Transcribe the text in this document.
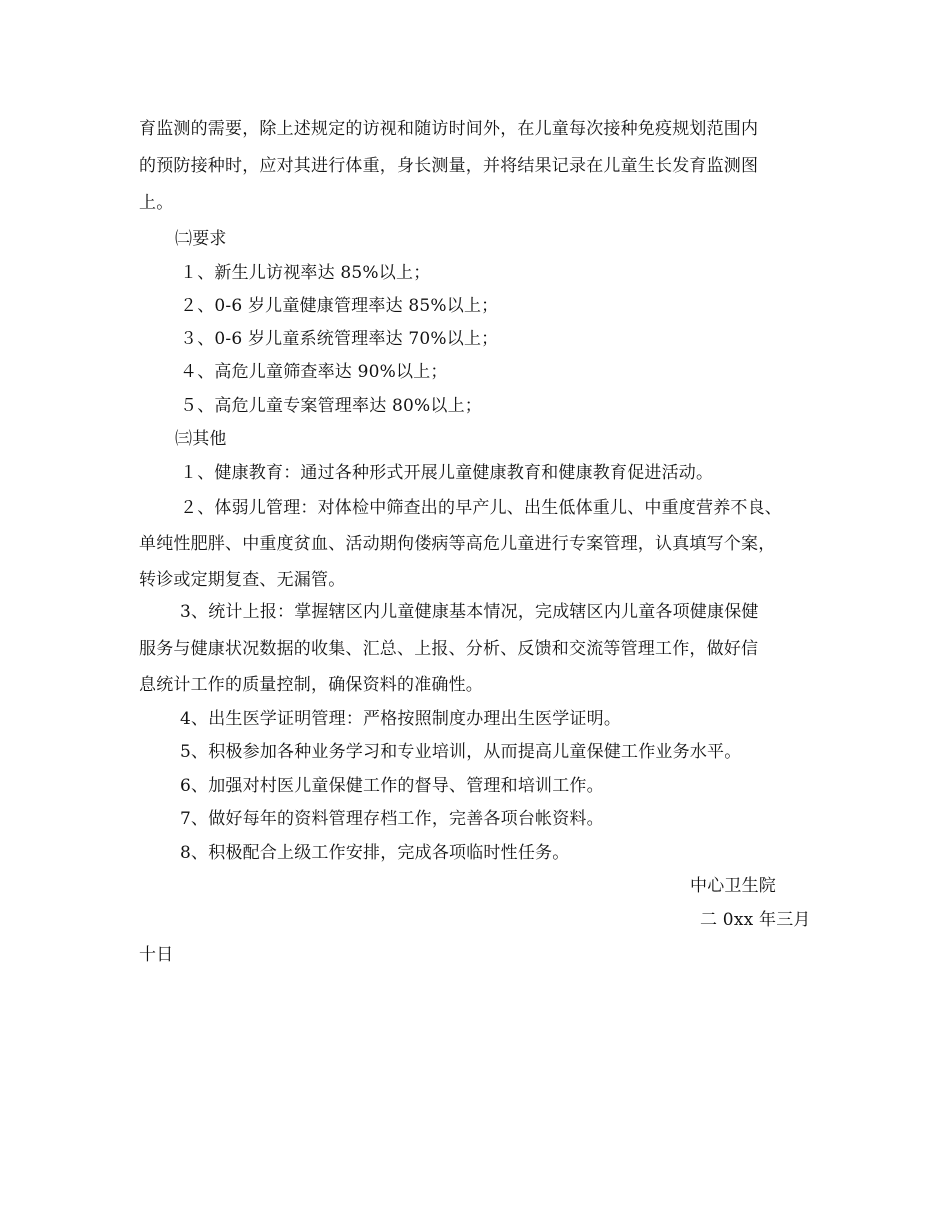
育监测的需要，除上述规定的访视和随访时间外，在儿童每次接种免疫规划范围内
的预防接种时，应对其进行体重，身长测量，并将结果记录在儿童生长发育监测图
上。
㈡要求
１、新生儿访视率达 85%以上；
２、0-6 岁儿童健康管理率达 85%以上；
３、0-6 岁儿童系统管理率达 70%以上；
４、高危儿童筛查率达 90%以上；
５、高危儿童专案管理率达 80%以上；
㈢其他
１、健康教育：通过各种形式开展儿童健康教育和健康教育促进活动。
２、体弱儿管理：对体检中筛查出的早产儿、出生低体重儿、中重度营养不良、
单纯性肥胖、中重度贫血、活动期佝偻病等高危儿童进行专案管理，认真填写个案，
转诊或定期复查、无漏管。
3、统计上报：掌握辖区内儿童健康基本情况，完成辖区内儿童各项健康保健
服务与健康状况数据的收集、汇总、上报、分析、反馈和交流等管理工作，做好信
息统计工作的质量控制，确保资料的准确性。
4、出生医学证明管理：严格按照制度办理出生医学证明。
5、积极参加各种业务学习和专业培训，从而提高儿童保健工作业务水平。
6、加强对村医儿童保健工作的督导、管理和培训工作。
7、做好每年的资料管理存档工作，完善各项台帐资料。
8、积极配合上级工作安排，完成各项临时性任务。
中心卫生院
二 0xx 年三月
十日
